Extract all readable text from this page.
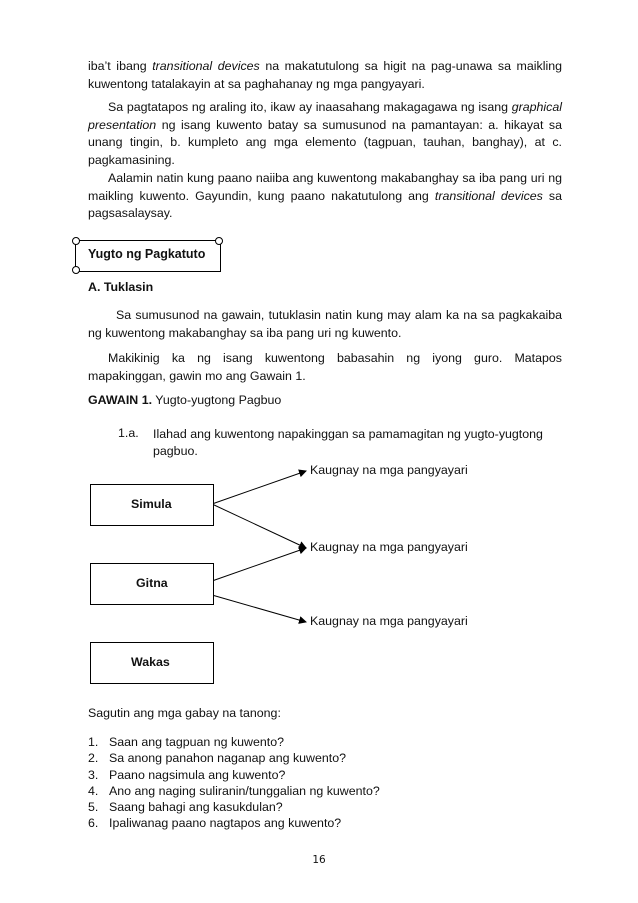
iba’t ibang transitional devices na makatutulong sa higit na pag-unawa sa maikling kuwentong tatalakayin at sa paghahanay ng mga pangyayari.

Sa pagtatapos ng araling ito, ikaw ay inaasahang makagagawa ng isang graphical presentation ng isang kuwento batay sa sumusunod na pamantayan: a. hikayat sa unang tingin, b. kumpleto ang mga elemento (tagpuan, tauhan, banghay), at c. pagkamasining.

Aalamin natin kung paano naiiba ang kuwentong makabanghay sa iba pang uri ng maikling kuwento. Gayundin, kung paano nakatutulong ang transitional devices sa pagsasalaysay.

Yugto ng Pagkatuto
A. Tuklasin

Sa sumusunod na gawain, tutuklasin natin kung may alam ka na sa pagkakaiba ng kuwentong makabanghay sa iba pang uri ng kuwento.

Makikinig ka ng isang kuwentong babasahin ng iyong guro. Matapos mapakinggan, gawin mo ang Gawain 1.

GAWAIN 1. Yugto-yugtong Pagbuo
1.a. Ilahad ang kuwentong napakinggan sa pamamagitan ng yugto-yugtong
pagbuo.
Simula
Gitna
Wakas
Kaugnay na mga pangyayari
Kaugnay na mga pangyayari
Kaugnay na mga pangyayari
Sagutin ang mga gabay na tanong:
1. Saan ang tagpuan ng kuwento?
2. Sa anong panahon naganap ang kuwento?
3. Paano nagsimula ang kuwento?
4. Ano ang naging suliranin/tunggalian ng kuwento?
5. Saang bahagi ang kasukdulan?
6. Ipaliwanag paano nagtapos ang kuwento?
16
